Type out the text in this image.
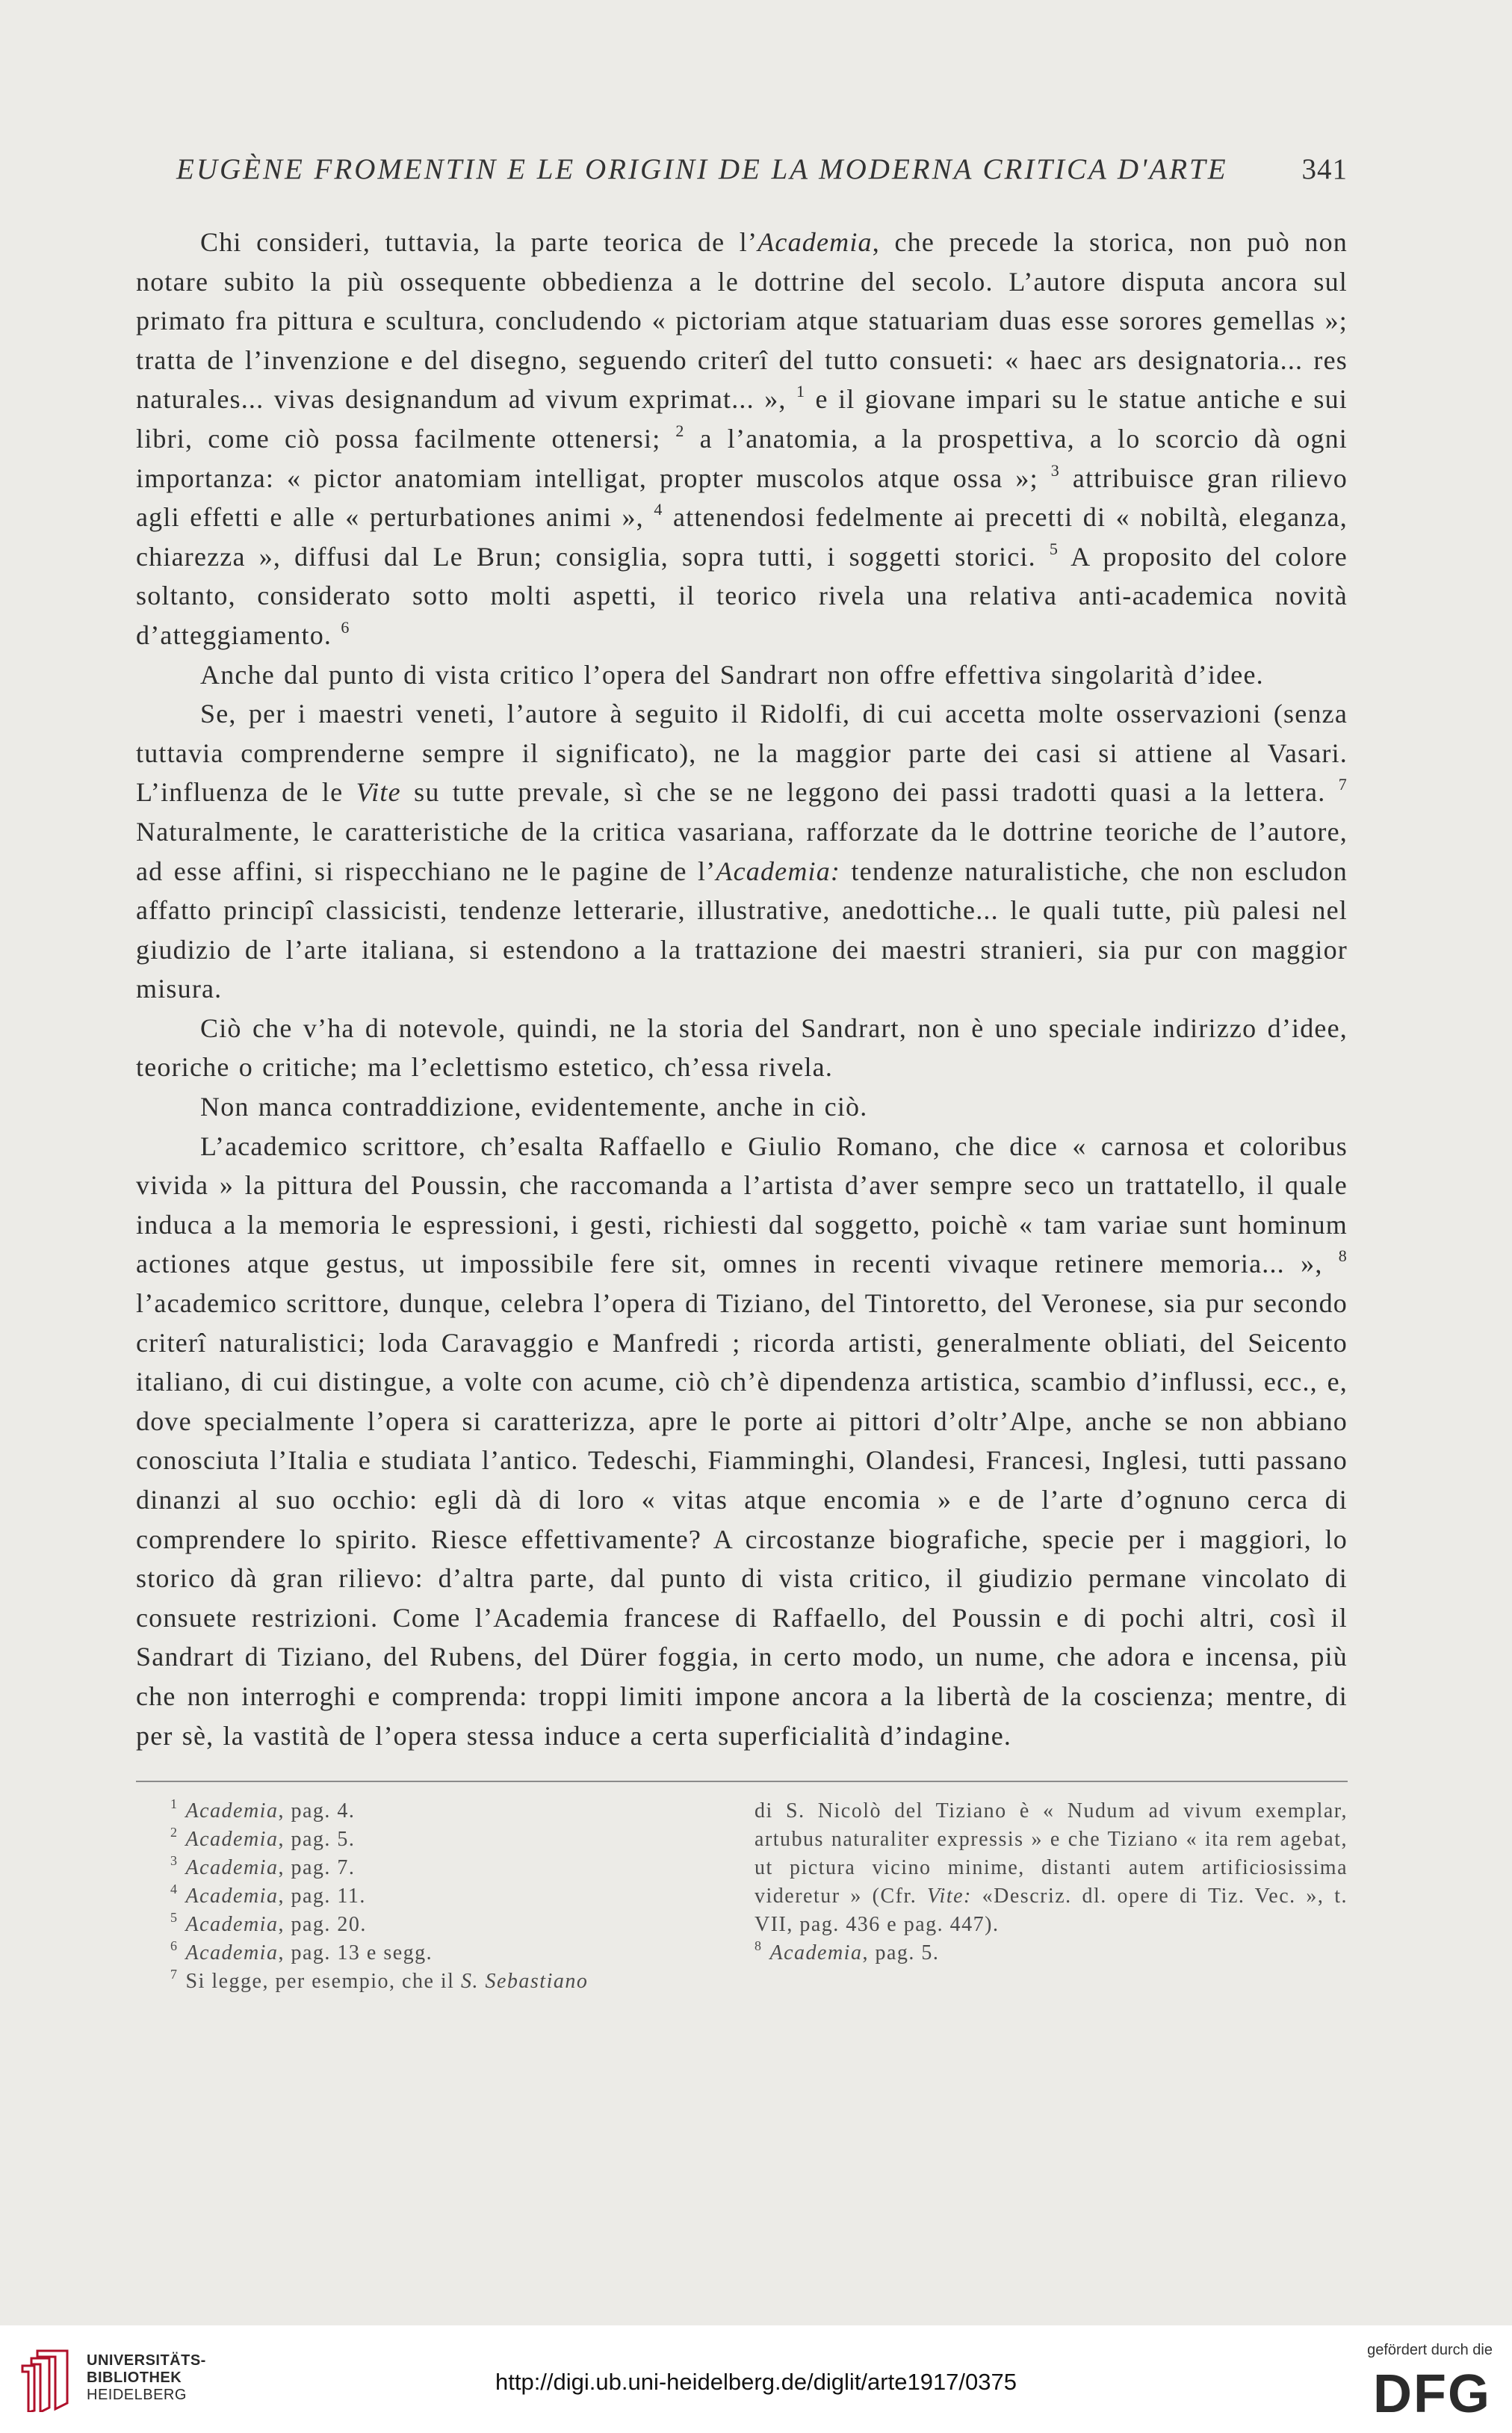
EUGÈNE FROMENTIN E LE ORIGINI DE LA MODERNA CRITICA D'ARTE	341

Chi consideri, tuttavia, la parte teorica de l’Academia, che precede la storica, non può non notare subito la più ossequente obbedienza a le dottrine del secolo. L’autore disputa ancora sul primato fra pittura e scultura, concludendo « pictoriam atque statuariam duas esse sorores gemellas »; tratta de l’invenzione e del disegno, seguendo criterî del tutto consueti: « haec ars designatoria... res naturales... vivas designandum ad vivum exprimat... », $^1$ e il giovane impari su le statue antiche e sui libri, come ciò possa facilmente ottenersi; $^2$ a l’anatomia, a la prospettiva, a lo scorcio dà ogni importanza: « pictor anatomiam intelligat, propter muscolos atque ossa »; $^3$ attribuisce gran rilievo agli effetti e alle « perturbationes animi », $^4$ attenendosi fedelmente ai precetti di « nobiltà, eleganza, chiarezza », diffusi dal Le Brun; consiglia, sopra tutti, i soggetti storici. $^5$ A proposito del colore soltanto, considerato sotto molti aspetti, il teorico rivela una relativa anti-academica novità d’atteggiamento. $^6$

Anche dal punto di vista critico l’opera del Sandrart non offre effettiva singolarità d’idee.

Se, per i maestri veneti, l’autore à seguito il Ridolfi, di cui accetta molte osservazioni (senza tuttavia comprenderne sempre il significato), ne la maggior parte dei casi si attiene al Vasari. L’influenza de le Vite su tutte prevale, sì che se ne leggono dei passi tradotti quasi a la lettera. $^7$ Naturalmente, le caratteristiche de la critica vasariana, rafforzate da le dottrine teoriche de l’autore, ad esse affini, si rispecchiano ne le pagine de l’Academia: tendenze naturalistiche, che non escludon affatto principî classicisti, tendenze letterarie, illustrative, anedottiche... le quali tutte, più palesi nel giudizio de l’arte italiana, si estendono a la trattazione dei maestri stranieri, sia pur con maggior misura.

Ciò che v’ha di notevole, quindi, ne la storia del Sandrart, non è uno speciale indirizzo d’idee, teoriche o critiche; ma l’eclettismo estetico, ch’essa rivela.

Non manca contraddizione, evidentemente, anche in ciò.

L’academico scrittore, ch’esalta Raffaello e Giulio Romano, che dice « carnosa et coloribus vivida » la pittura del Poussin, che raccomanda a l’artista d’aver sempre seco un trattatello, il quale induca a la memoria le espressioni, i gesti, richiesti dal soggetto, poichè « tam variae sunt hominum actiones atque gestus, ut impossibile fere sit, omnes in recenti vivaque retinere memoria... », $^8$ l’academico scrittore, dunque, celebra l’opera di Tiziano, del Tintoretto, del Veronese, sia pur secondo criterî naturalistici; loda Caravaggio e Manfredi ; ricorda artisti, generalmente obliati, del Seicento italiano, di cui distingue, a volte con acume, ciò ch’è dipendenza artistica, scambio d’influssi, ecc., e, dove specialmente l’opera si caratterizza, apre le porte ai pittori d’oltr’Alpe, anche se non abbiano conosciuta l’Italia e studiata l’antico. Tedeschi, Fiamminghi, Olandesi, Francesi, Inglesi, tutti passano dinanzi al suo occhio: egli dà di loro « vitas atque encomia » e de l’arte d’ognuno cerca di comprendere lo spirito. Riesce effettivamente? A circostanze biografiche, specie per i maggiori, lo storico dà gran rilievo: d’altra parte, dal punto di vista critico, il giudizio permane vincolato di consuete restrizioni. Come l’Academia francese di Raffaello, del Poussin e di pochi altri, così il Sandrart di Tiziano, del Rubens, del Dürer foggia, in certo modo, un nume, che adora e incensa, più che non interroghi e comprenda: troppi limiti impone ancora a la libertà de la coscienza; mentre, di per sè, la vastità de l’opera stessa induce a certa superficialità d’indagine.

$^1$ Academia, pag. 4.
$^2$ Academia, pag. 5.
$^3$ Academia, pag. 7.
$^4$ Academia, pag. 11.
$^5$ Academia, pag. 20.
$^6$ Academia, pag. 13 e segg.
$^7$ Si legge, per esempio, che il S. Sebastiano
di S. Nicolò del Tiziano è « Nudum ad vivum exemplar, artubus naturaliter expressis » e che Tiziano « ita rem agebat, ut pictura vicino minime, distanti autem artificiosissima videretur » (Cfr. Vite: «Descriz. dl. opere di Tiz. Vec. », t. VII, pag. 436 e pag. 447).
$^8$ Academia, pag. 5.
UNIVERSITÄTS-
BIBLIOTHEK
HEIDELBERG	http://digi.ub.uni-heidelberg.de/diglit/arte1917/0375
gefördert durch die
DFG
